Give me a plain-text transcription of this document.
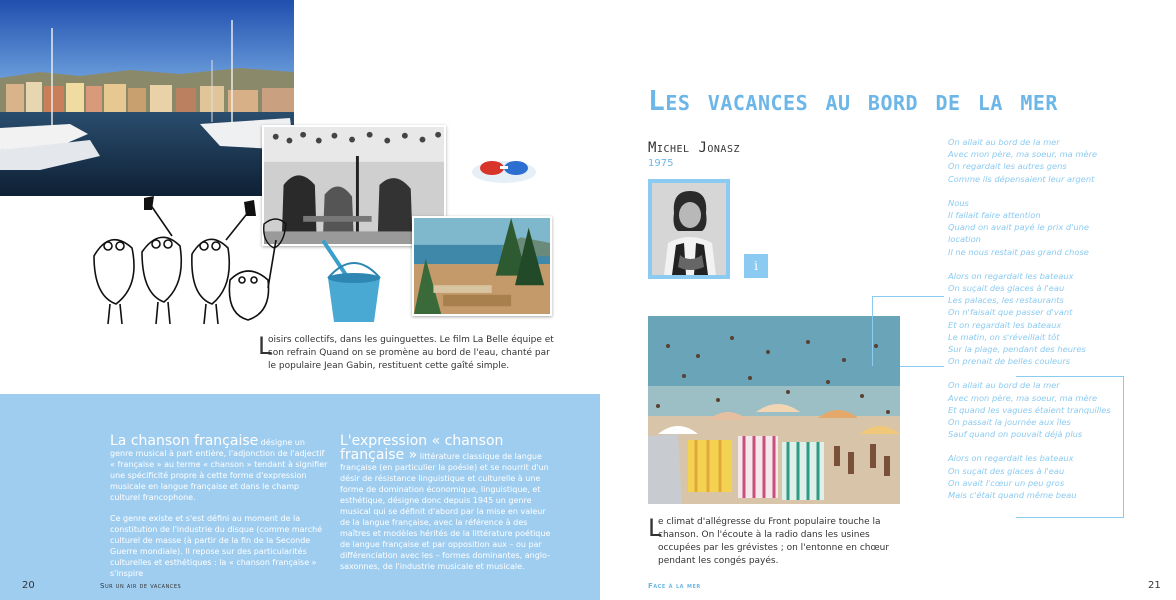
L
oisirs collectifs, dans les guinguettes. Le film La Belle équipe et son refrain Quand on se promène au bord de l'eau, chanté par le populaire Jean Gabin, restituent cette gaîté simple.

La chanson française désigne un genre musical à part entière, l'adjonction de l'adjectif « française » au terme « chanson » tendant à signifier une spécificité propre à cette forme d'expression musicale en langue française et dans le champ culturel francophone.

Ce genre existe et s'est défini au moment de la constitution de l'industrie du disque (comme marché culturel de masse (à partir de la fin de la Seconde Guerre mondiale). Il repose sur des particularités culturelles et esthétiques : la « chanson française » s'inspire

L'expression « chanson française » littérature classique de langue française (en particulier la poésie) et se nourrit d'un désir de résistance linguistique et culturelle à une forme de domination économique, linguistique, et esthétique, désigne donc depuis 1945 un genre musical qui se définit d'abord par la mise en valeur de la langue française, avec la référence à des maîtres et modèles hérités de la littérature poétique de langue française et par opposition aux – ou par différenciation avec les – formes dominantes, anglo-saxonnes, de l'industrie musicale et musicale.

20	Sur un air de vacances
Les vacances au bord de la mer
Michel Jonasz
1975
i
L
e climat d'allégresse du Front populaire touche la chanson. On l'écoute à la radio dans les usines occupées par les grévistes ; on l'entonne en chœur pendant les congés payés.
On allait au bord de la mer
Avec mon père, ma soeur, ma mère
On regardait les autres gens
Comme ils dépensaient leur argent
Nous
Il fallait faire attention
Quand on avait payé le prix d'une
location
Il ne nous restait pas grand chose
Alors on regardait les bateaux
On suçait des glaces à l'eau
Les palaces, les restaurants
On n'faisait que passer d'vant
Et on regardait les bateaux
Le matin, on s'réveillait tôt
Sur la plage, pendant des heures
On prenait de belles couleurs
On allait au bord de la mer
Avec mon père, ma soeur, ma mère
Et quand les vagues étaient tranquilles
On passait la journée aux îles
Sauf quand on pouvait déjà plus
Alors on regardait les bateaux
On suçait des glaces à l'eau
On avait l'cœur un peu gros
Mais c'était quand même beau
Face à la mer	21
